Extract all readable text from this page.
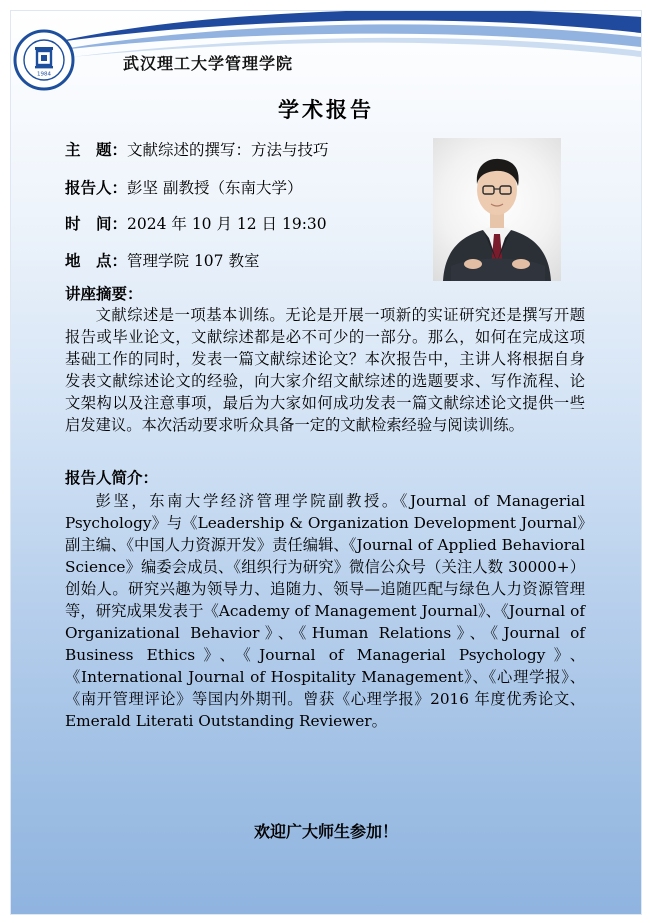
1984
武汉理工大学管理学院
学术报告
主　题：文献综述的撰写：方法与技巧
报告人：彭坚 副教授（东南大学）
时　间：2024 年 10 月 12 日 19:30
地　点：管理学院 107 教室
讲座摘要：
文献综述是一项基本训练。无论是开展一项新的实证研究还是撰写开题报告或毕业论文，文献综述都是必不可少的一部分。那么，如何在完成这项基础工作的同时，发表一篇文献综述论文？本次报告中，主讲人将根据自身发表文献综述论文的经验，向大家介绍文献综述的选题要求、写作流程、论文架构以及注意事项，最后为大家如何成功发表一篇文献综述论文提供一些启发建议。本次活动要求听众具备一定的文献检索经验与阅读训练。
报告人简介：
彭坚，东南大学经济管理学院副教授。《Journal of Managerial Psychology》与《Leadership & Organization Development Journal》副主编、《中国人力资源开发》责任编辑、《Journal of Applied Behavioral Science》编委会成员、《组织行为研究》微信公众号（关注人数 30000+）创始人。研究兴趣为领导力、追随力、领导—追随匹配与绿色人力资源管理等，研究成果发表于《Academy of Management Journal》、《Journal of Organizational Behavior》、《Human Relations》、《Journal of Business Ethics》、《Journal of Managerial Psychology》、《International Journal of Hospitality Management》、《心理学报》、《南开管理评论》等国内外期刊。曾获《心理学报》2016 年度优秀论文、Emerald Literati Outstanding Reviewer。
欢迎广大师生参加！
